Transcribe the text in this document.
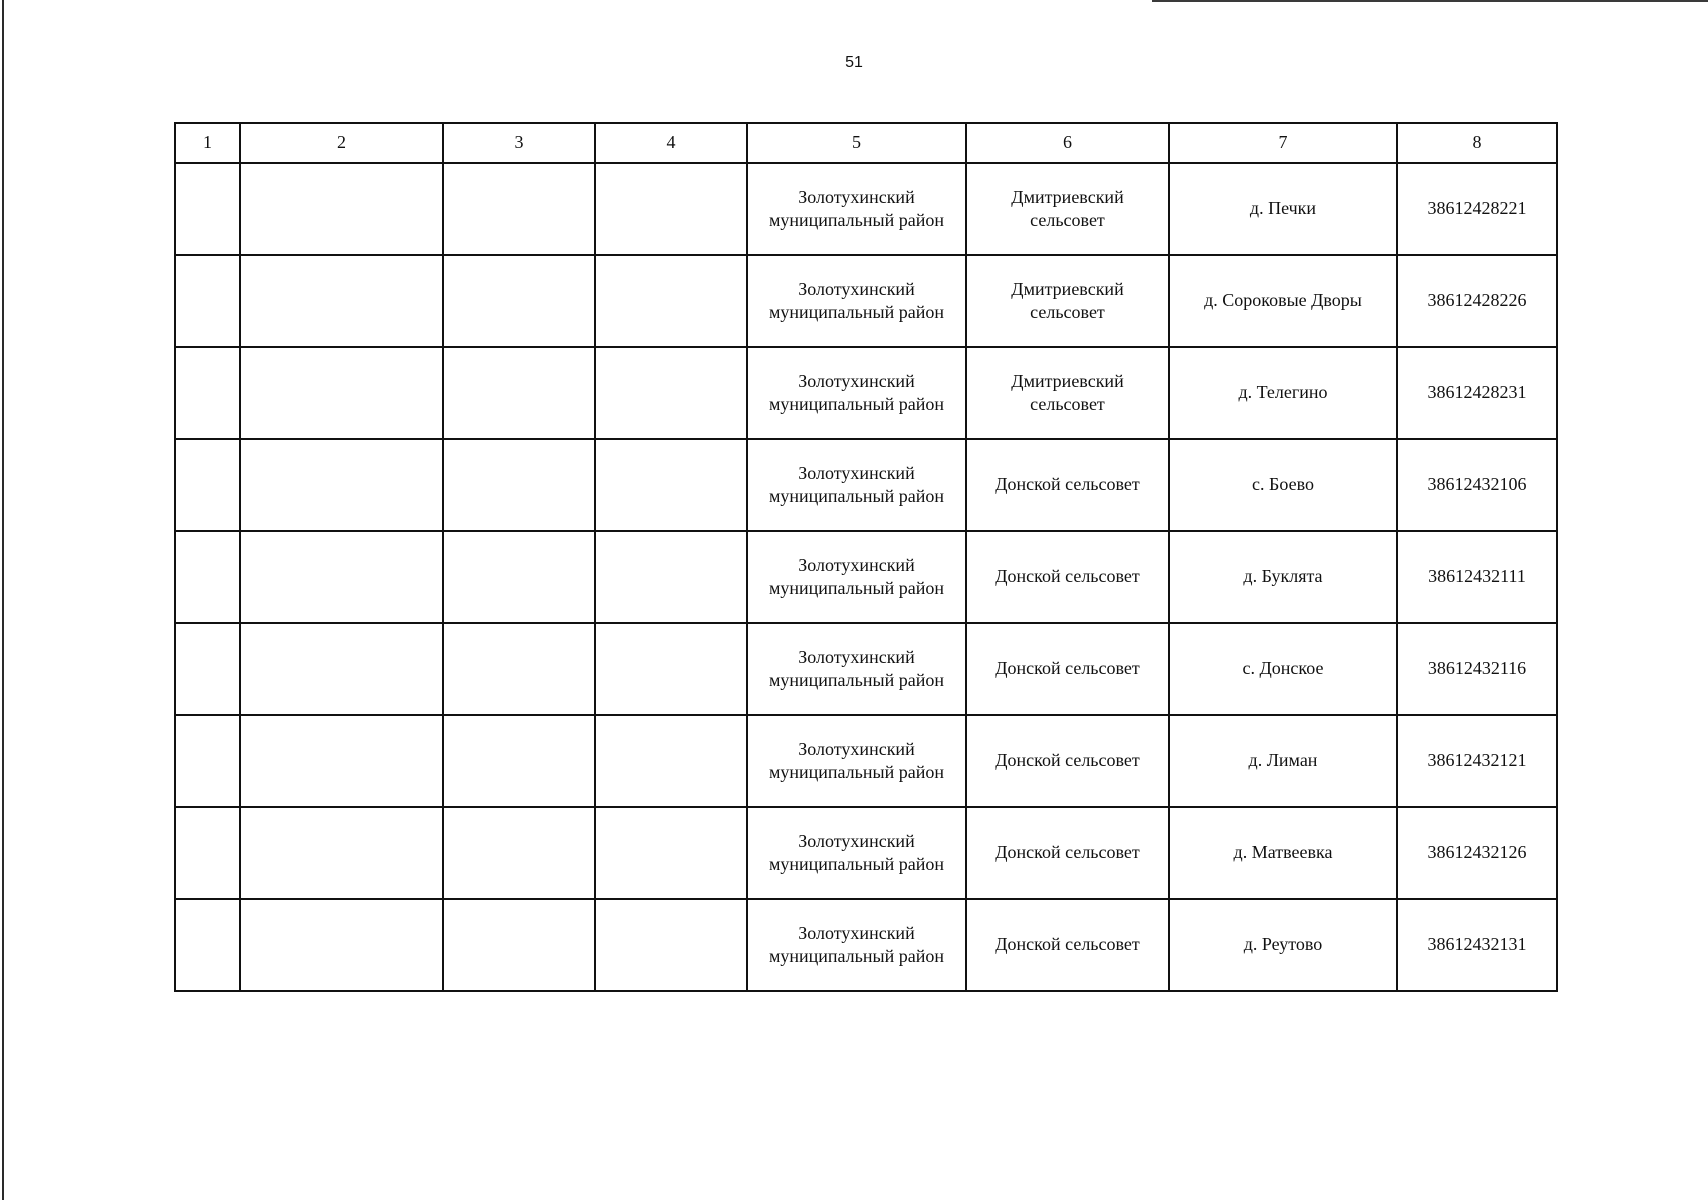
51
1	2	3	4	5	6	7	8
				Золотухинский муниципальный район	Дмитриевский сельсовет	д. Печки	38612428221
				Золотухинский муниципальный район	Дмитриевский сельсовет	д. Сороковые Дворы	38612428226
				Золотухинский муниципальный район	Дмитриевский сельсовет	д. Телегино	38612428231
				Золотухинский муниципальный район	Донской сельсовет	с. Боево	38612432106
				Золотухинский муниципальный район	Донской сельсовет	д. Буклята	38612432111
				Золотухинский муниципальный район	Донской сельсовет	с. Донское	38612432116
				Золотухинский муниципальный район	Донской сельсовет	д. Лиман	38612432121
				Золотухинский муниципальный район	Донской сельсовет	д. Матвеевка	38612432126
				Золотухинский муниципальный район	Донской сельсовет	д. Реутово	38612432131
